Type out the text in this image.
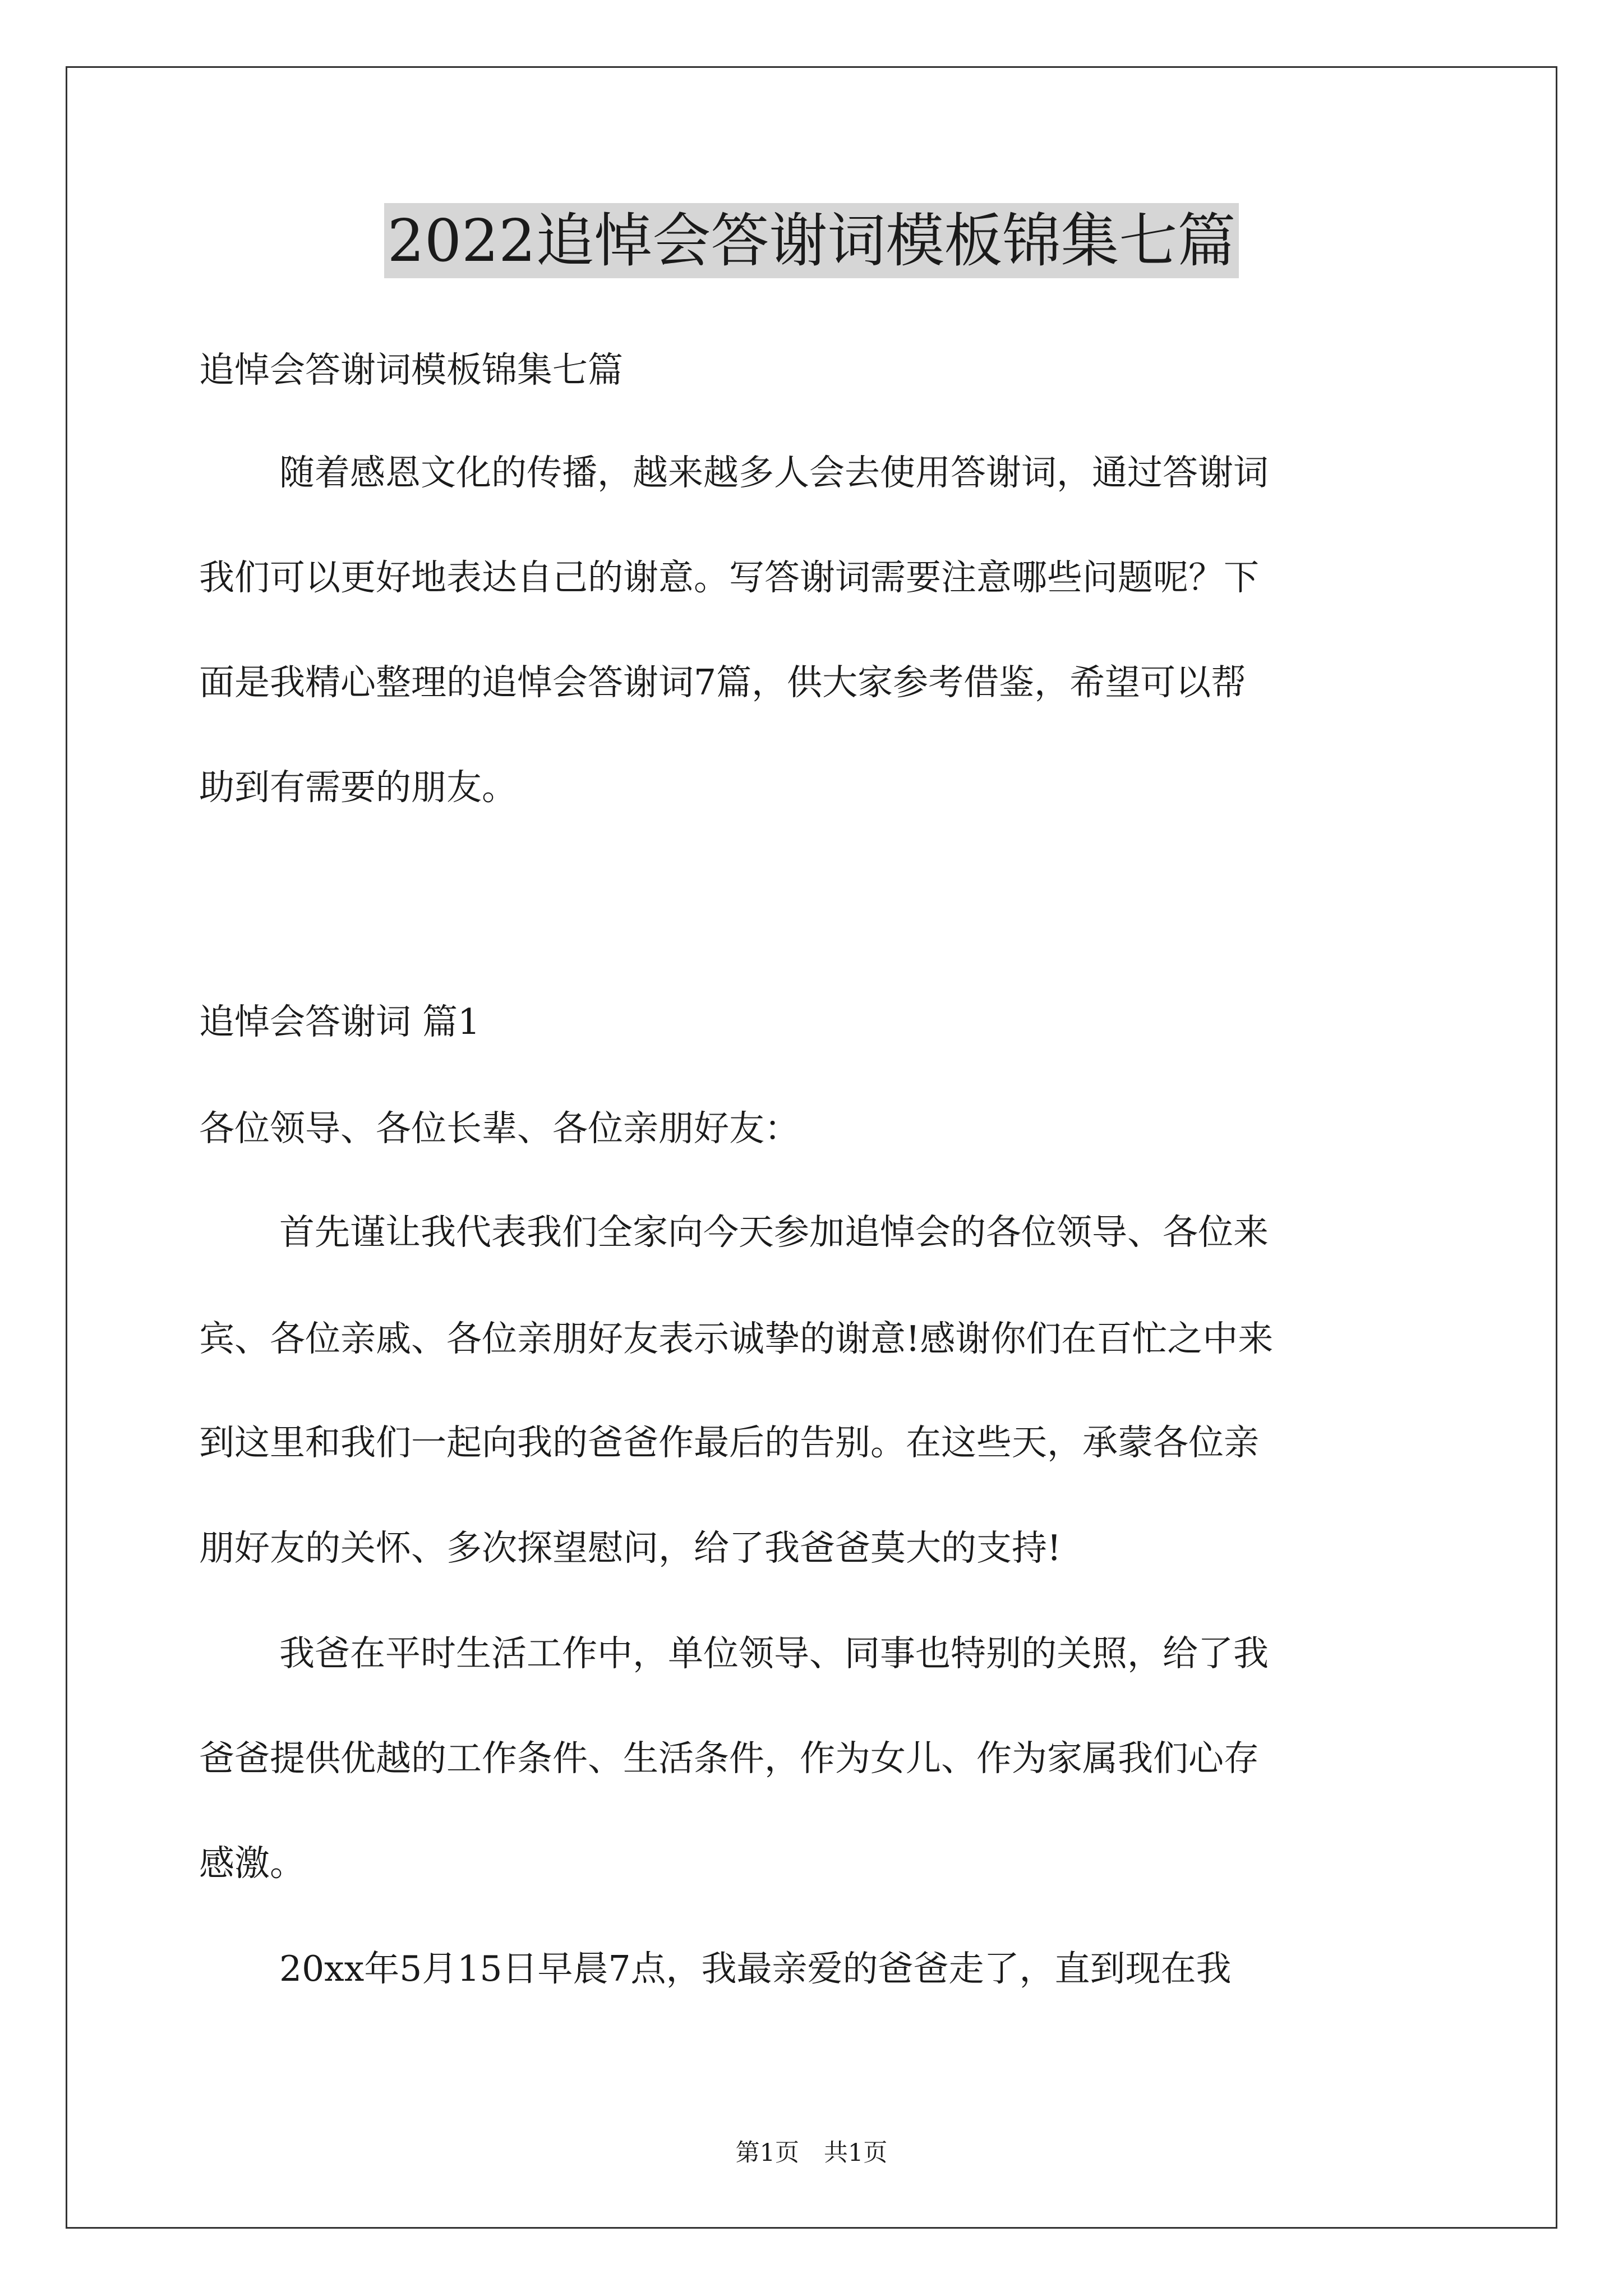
2022追悼会答谢词模板锦集七篇
追悼会答谢词模板锦集七篇
随着感恩文化的传播，越来越多人会去使用答谢词，通过答谢词
我们可以更好地表达自己的谢意。写答谢词需要注意哪些问题呢？下
面是我精心整理的追悼会答谢词7篇，供大家参考借鉴，希望可以帮
助到有需要的朋友。
追悼会答谢词 篇1
各位领导、各位长辈、各位亲朋好友：
首先谨让我代表我们全家向今天参加追悼会的各位领导、各位来
宾、各位亲戚、各位亲朋好友表示诚挚的谢意!感谢你们在百忙之中来
到这里和我们一起向我的爸爸作最后的告别。在这些天，承蒙各位亲
朋好友的关怀、多次探望慰问，给了我爸爸莫大的支持!
我爸在平时生活工作中，单位领导、同事也特别的关照，给了我
爸爸提供优越的工作条件、生活条件，作为女儿、作为家属我们心存
感激。
20xx年5月15日早晨7点，我最亲爱的爸爸走了，直到现在我
第1页 共1页
